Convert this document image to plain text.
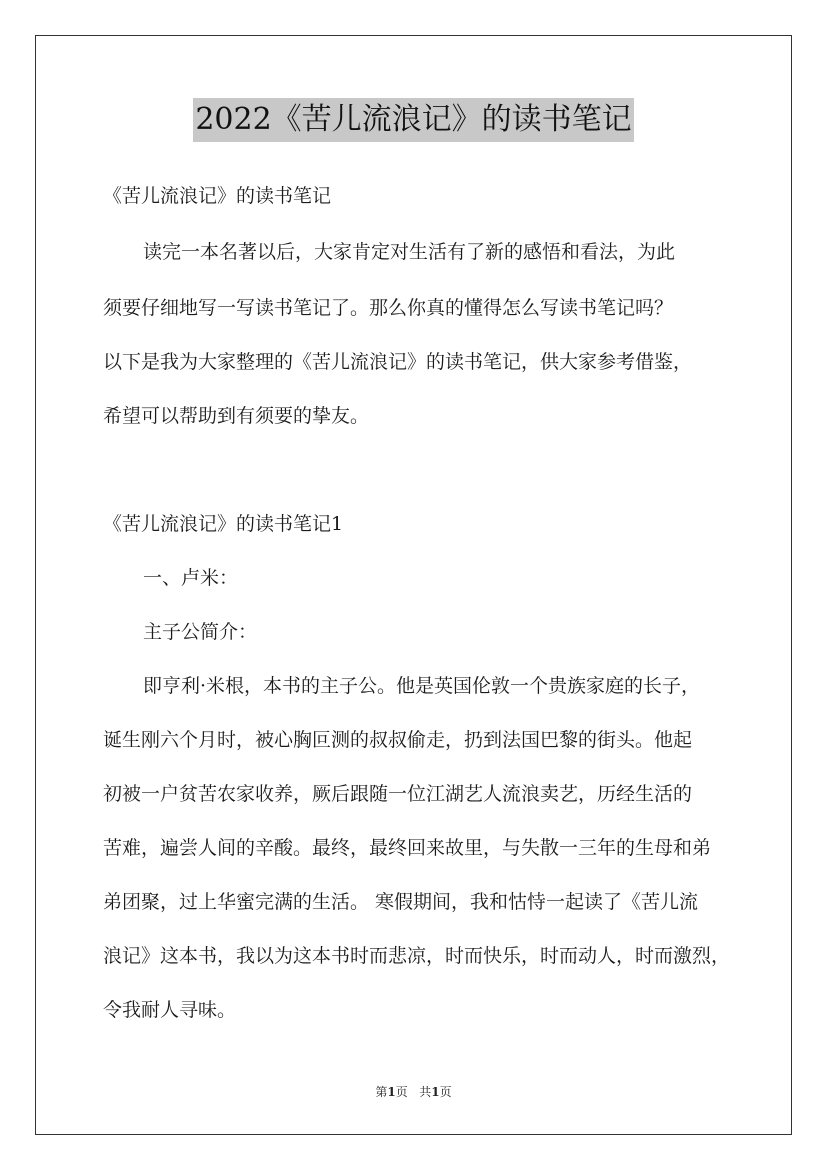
2022《苦儿流浪记》的读书笔记
《苦儿流浪记》的读书笔记
读完一本名著以后，大家肯定对生活有了新的感悟和看法，为此
须要仔细地写一写读书笔记了。那么你真的懂得怎么写读书笔记吗？
以下是我为大家整理的《苦儿流浪记》的读书笔记，供大家参考借鉴，
希望可以帮助到有须要的挚友。
《苦儿流浪记》的读书笔记1
一、卢米：
主子公简介：
即亨利·米根，本书的主子公。他是英国伦敦一个贵族家庭的长子，
诞生刚六个月时，被心胸叵测的叔叔偷走，扔到法国巴黎的街头。他起
初被一户贫苦农家收养，厥后跟随一位江湖艺人流浪卖艺，历经生活的
苦难，遍尝人间的辛酸。最终，最终回来故里，与失散一三年的生母和弟
弟团聚，过上华蜜完满的生活。 寒假期间，我和怙恃一起读了《苦儿流
浪记》这本书，我以为这本书时而悲凉，时而快乐，时而动人，时而激烈，
令我耐人寻味。
第1页 共1页
